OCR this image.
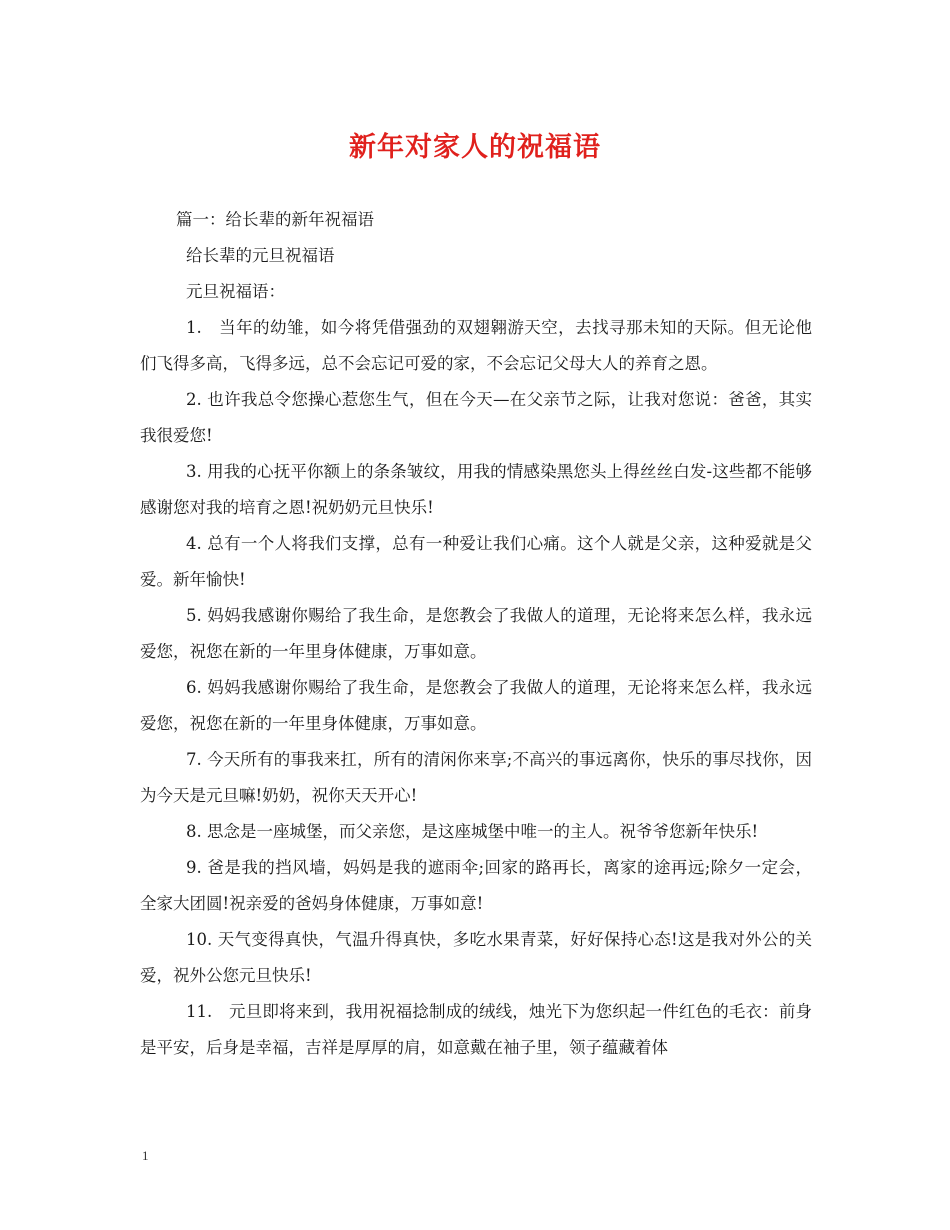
新年对家人的祝福语
篇一：给长辈的新年祝福语
给长辈的元旦祝福语
元旦祝福语：

1.　当年的幼雏，如今将凭借强劲的双翅翱游天空，去找寻那未知的天际。但无论他们飞得多高，飞得多远，总不会忘记可爱的家，不会忘记父母大人的养育之恩。

2. 也许我总令您操心惹您生气，但在今天—在父亲节之际，让我对您说：爸爸，其实我很爱您!

3. 用我的心抚平你额上的条条皱纹，用我的情感染黑您头上得丝丝白发-这些都不能够感谢您对我的培育之恩!祝奶奶元旦快乐!

4. 总有一个人将我们支撑，总有一种爱让我们心痛。这个人就是父亲，这种爱就是父爱。新年愉快!

5. 妈妈我感谢你赐给了我生命，是您教会了我做人的道理，无论将来怎么样，我永远爱您，祝您在新的一年里身体健康，万事如意。

6. 妈妈我感谢你赐给了我生命，是您教会了我做人的道理，无论将来怎么样，我永远爱您，祝您在新的一年里身体健康，万事如意。

7. 今天所有的事我来扛，所有的清闲你来享;不高兴的事远离你，快乐的事尽找你，因为今天是元旦嘛!奶奶，祝你天天开心!

8. 思念是一座城堡，而父亲您，是这座城堡中唯一的主人。祝爷爷您新年快乐!

9. 爸是我的挡风墙，妈妈是我的遮雨伞;回家的路再长，离家的途再远;除夕一定会，全家大团圆!祝亲爱的爸妈身体健康，万事如意!

10. 天气变得真快，气温升得真快，多吃水果青菜，好好保持心态!这是我对外公的关爱，祝外公您元旦快乐!

11.　元旦即将来到，我用祝福捻制成的绒线，烛光下为您织起一件红色的毛衣：前身是平安，后身是幸福，吉祥是厚厚的肩，如意戴在袖子里，领子蕴藏着体

1
